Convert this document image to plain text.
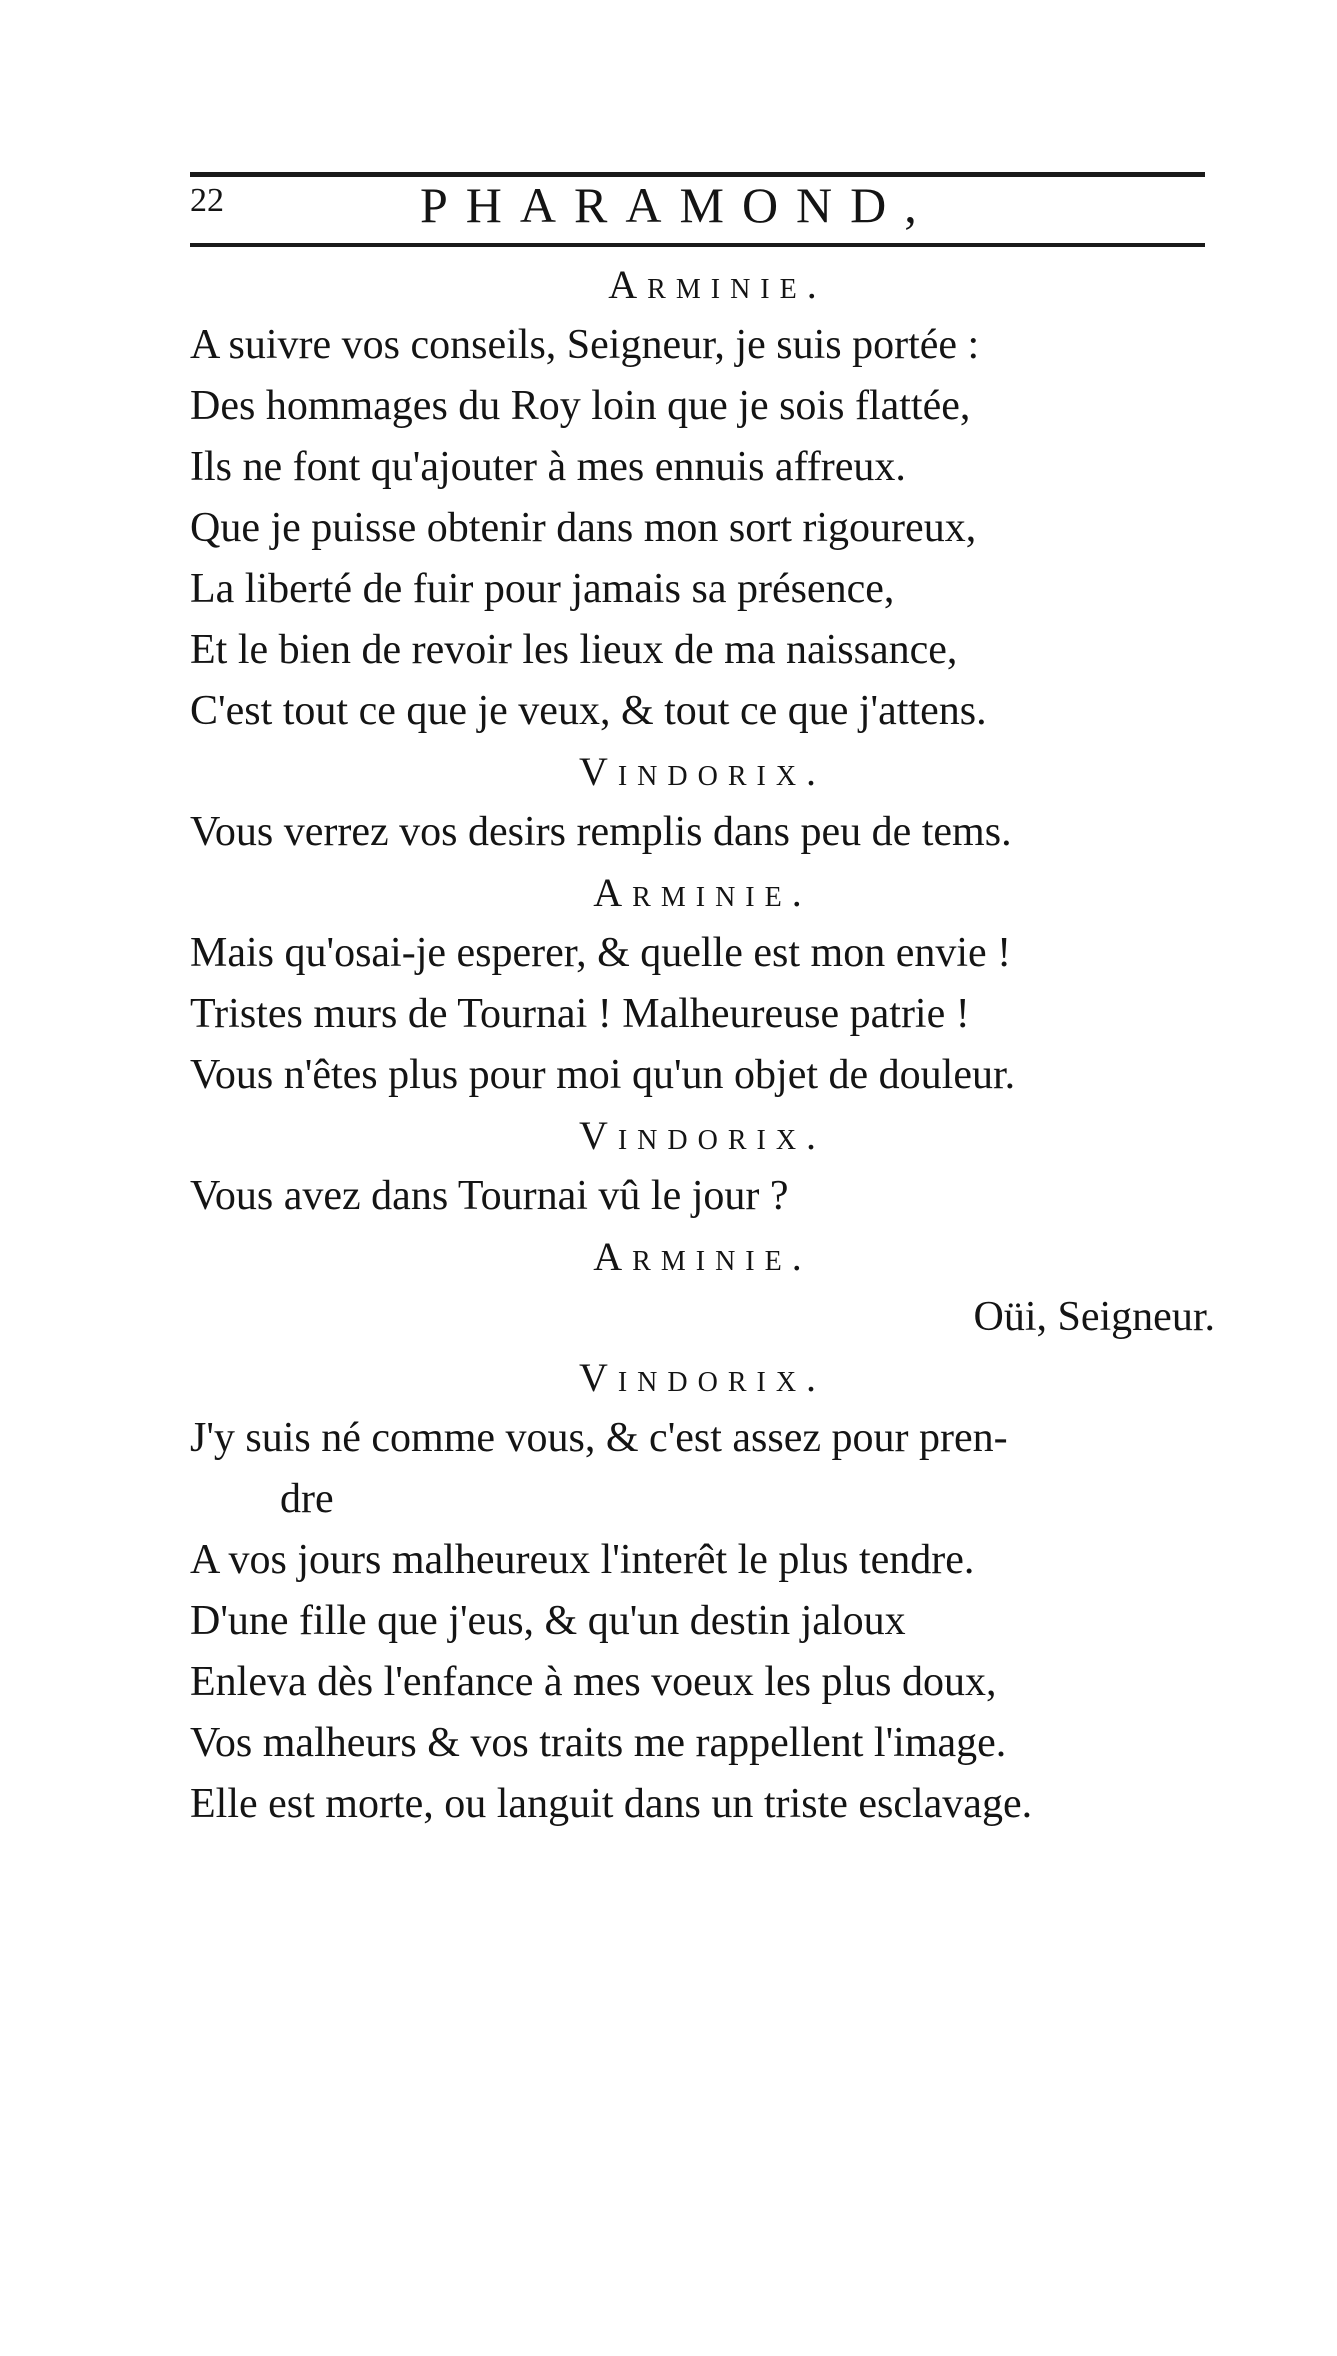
22	PHARAMOND,
Arminie.
A suivre vos conseils, Seigneur, je suis portée :
Des hommages du Roy loin que je sois flattée,
Ils ne font qu'ajouter à mes ennuis affreux.
Que je puisse obtenir dans mon sort rigoureux,
La liberté de fuir pour jamais sa présence,
Et le bien de revoir les lieux de ma naissance,
C'est tout ce que je veux, & tout ce que j'attens.
Vindorix.
Vous verrez vos desirs remplis dans peu de tems.
Arminie.
Mais qu'osai-je esperer, & quelle est mon envie !
Tristes murs de Tournai ! Malheureuse patrie !
Vous n'êtes plus pour moi qu'un objet de douleur.
Vindorix.
Vous avez dans Tournai vû le jour ?
Arminie.
Oüi, Seigneur.
Vindorix.
J'y suis né comme vous, & c'est assez pour pren-
dre
A vos jours malheureux l'interêt le plus tendre.
D'une fille que j'eus, & qu'un destin jaloux
Enleva dès l'enfance à mes voeux les plus doux,
Vos malheurs & vos traits me rappellent l'image.
Elle est morte, ou languit dans un triste esclavage.
